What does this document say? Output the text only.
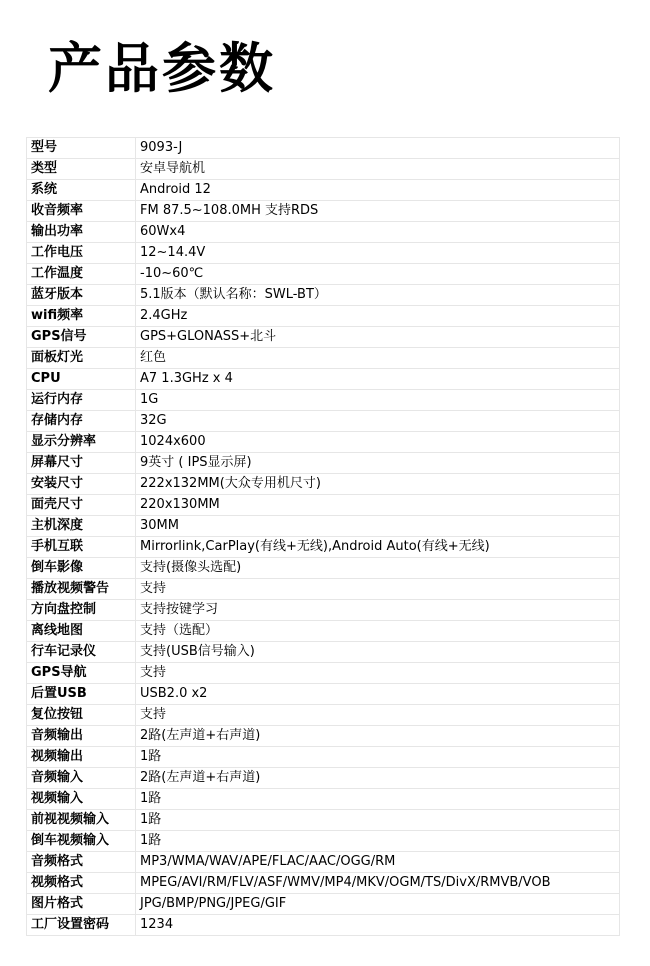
产品参数
型号	9093-J
类型	安卓导航机
系统	Android 12
收音频率	FM 87.5~108.0MH 支持RDS
输出功率	60Wx4
工作电压	12~14.4V
工作温度	-10~60℃
蓝牙版本	5.1版本（默认名称：SWL-BT）
wifi频率	2.4GHz
GPS信号	GPS+GLONASS+北斗
面板灯光	红色
CPU	A7 1.3GHz x 4
运行内存	1G
存储内存	32G
显示分辨率	1024x600
屏幕尺寸	9英寸 ( IPS显示屏)
安装尺寸	222x132MM(大众专用机尺寸)
面壳尺寸	220x130MM
主机深度	30MM
手机互联	Mirrorlink,CarPlay(有线+无线),Android Auto(有线+无线)
倒车影像	支持(摄像头选配)
播放视频警告	支持
方向盘控制	支持按键学习
离线地图	支持（选配）
行车记录仪	支持(USB信号输入)
GPS导航	支持
后置USB	USB2.0 x2
复位按钮	支持
音频输出	2路(左声道+右声道)
视频输出	1路
音频输入	2路(左声道+右声道)
视频输入	1路
前视视频输入	1路
倒车视频输入	1路
音频格式	MP3/WMA/WAV/APE/FLAC/AAC/OGG/RM
视频格式	MPEG/AVI/RM/FLV/ASF/WMV/MP4/MKV/OGM/TS/DivX/RMVB/VOB
图片格式	JPG/BMP/PNG/JPEG/GIF
工厂设置密码	1234
